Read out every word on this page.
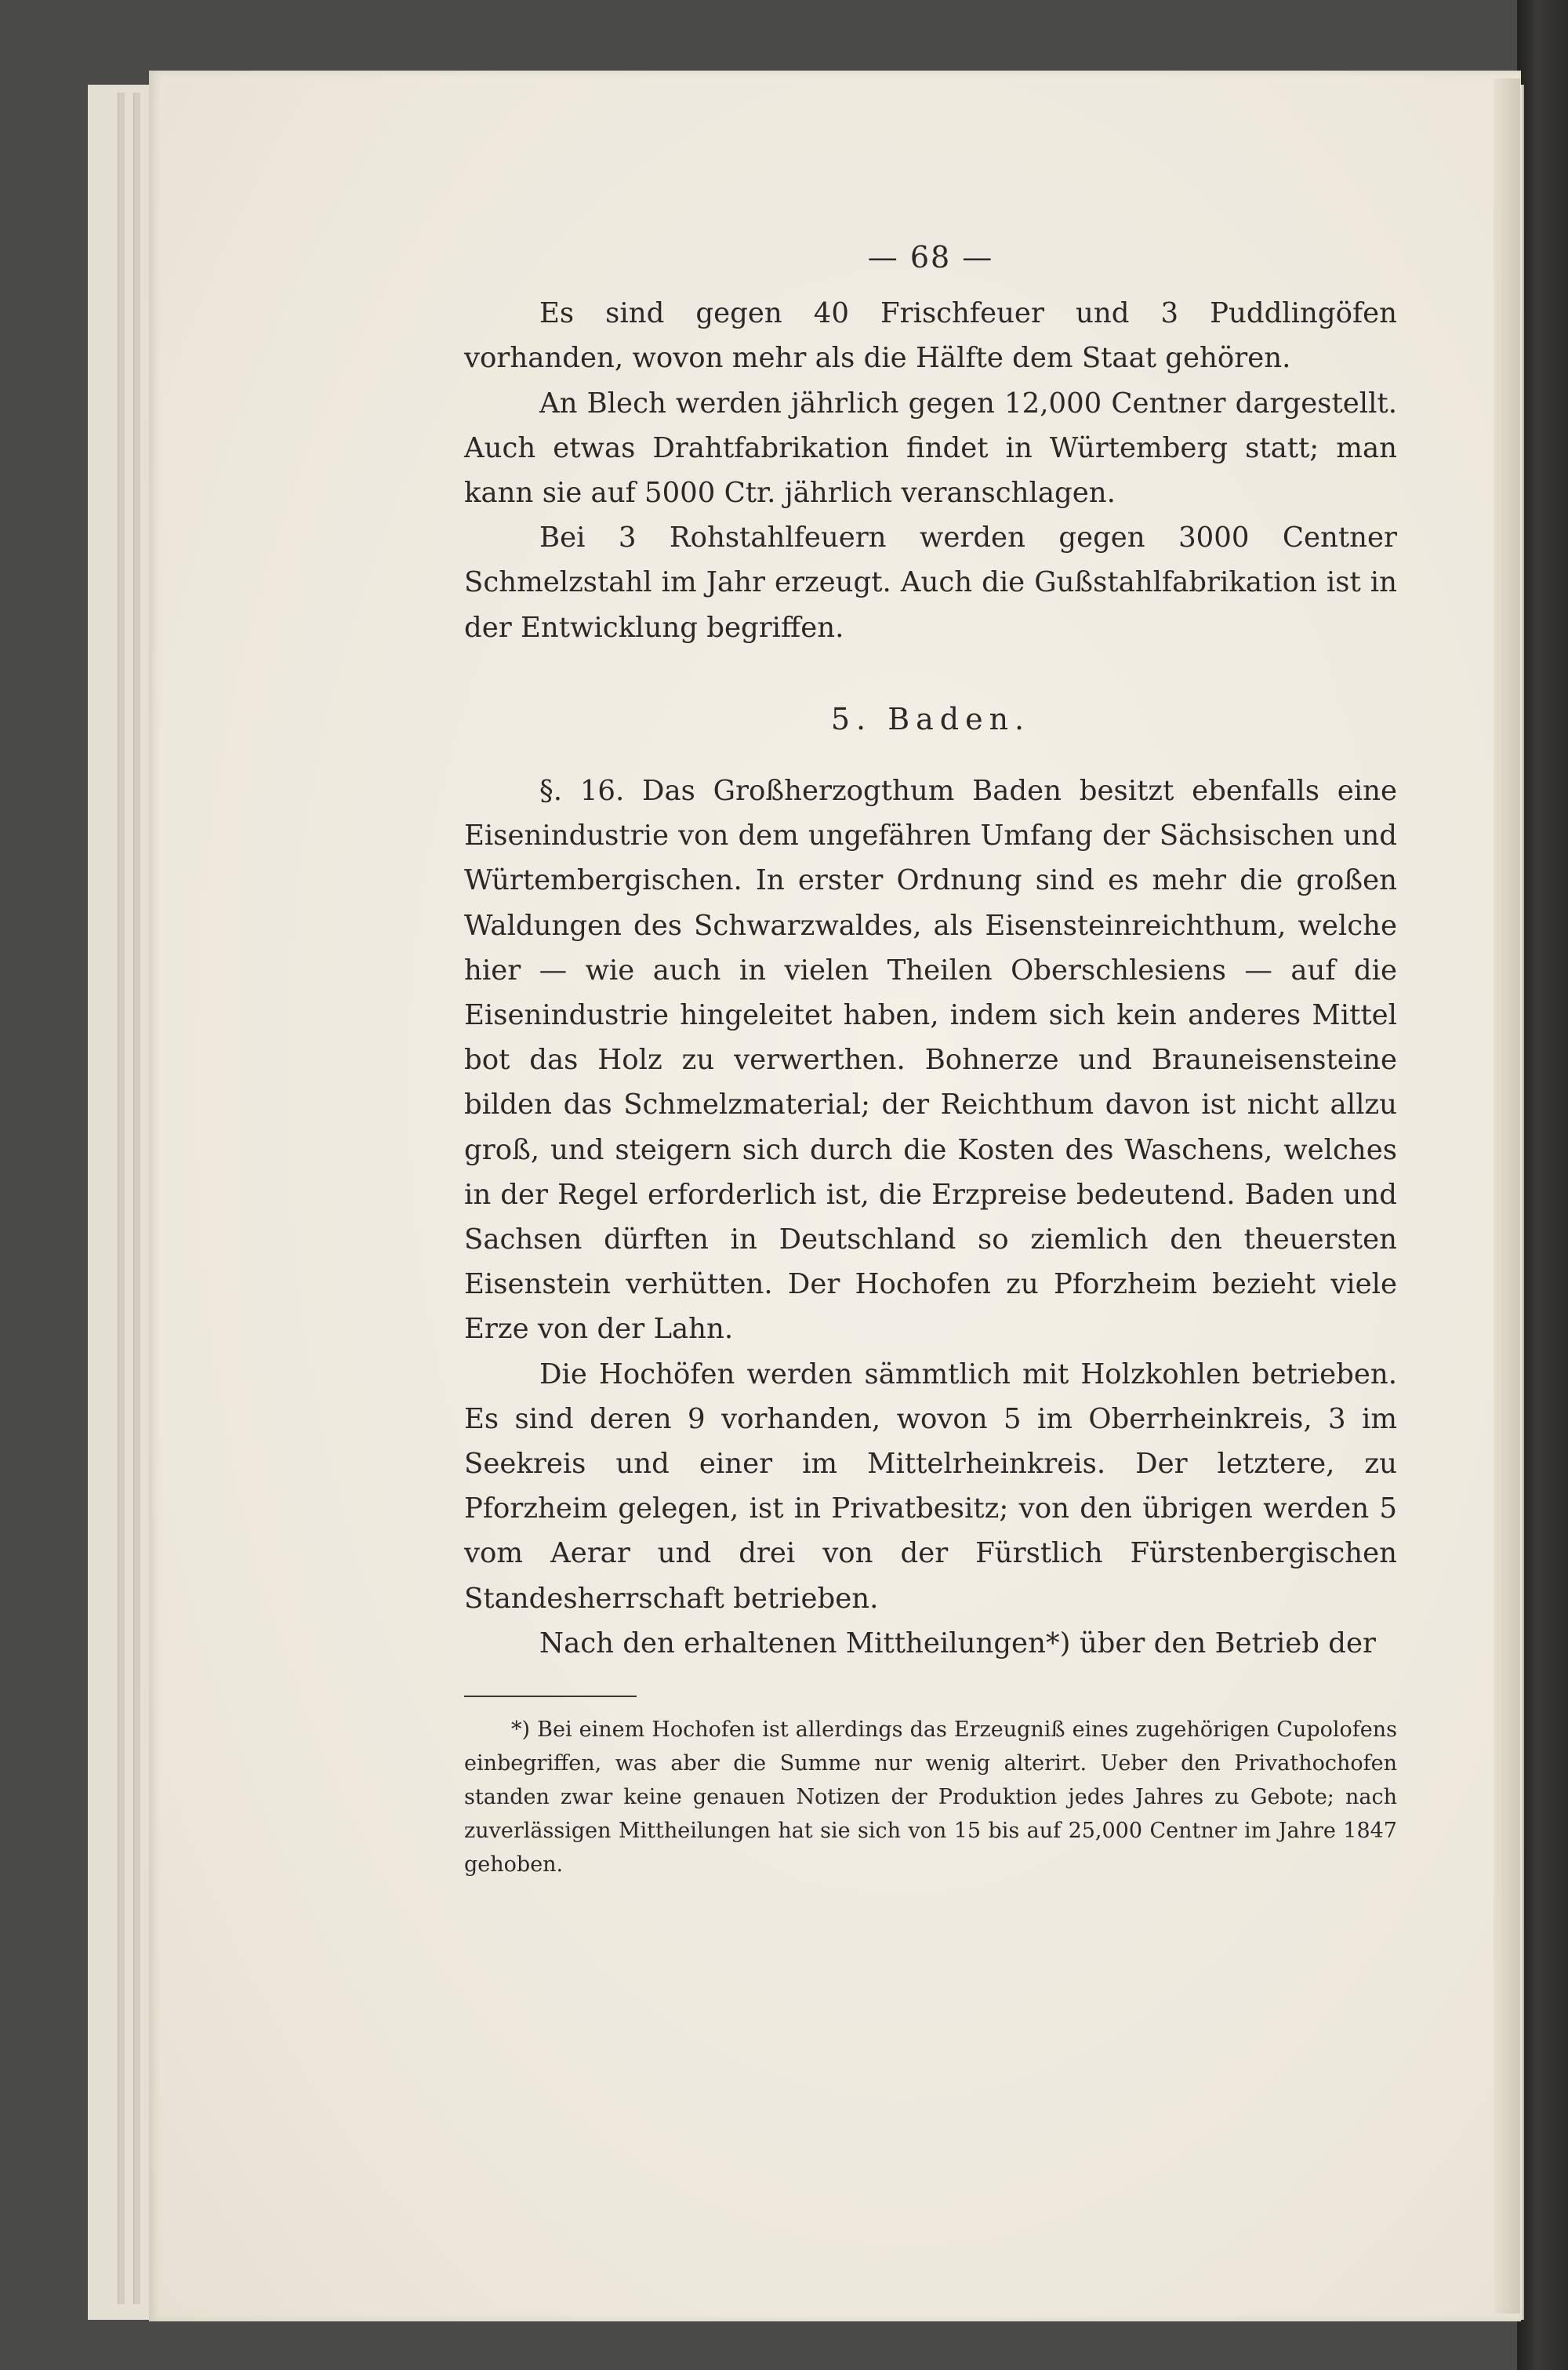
— 68 —

Es sind gegen 40 Frischfeuer und 3 Puddlingöfen vorhanden, wovon mehr als die Hälfte dem Staat gehören.

An Blech werden jährlich gegen 12,000 Centner dargestellt. Auch etwas Drahtfabrikation findet in Würtemberg statt; man kann sie auf 5000 Ctr. jährlich veranschlagen.

Bei 3 Rohstahlfeuern werden gegen 3000 Centner Schmelzstahl im Jahr erzeugt. Auch die Gußstahlfabrikation ist in der Entwicklung begriffen.

5. Baden.

§. 16. Das Großherzogthum Baden besitzt ebenfalls eine Eisenindustrie von dem ungefähren Umfang der Sächsischen und Würtembergischen. In erster Ordnung sind es mehr die großen Waldungen des Schwarzwaldes, als Eisensteinreichthum, welche hier — wie auch in vielen Theilen Oberschlesiens — auf die Eisenindustrie hingeleitet haben, indem sich kein anderes Mittel bot das Holz zu verwerthen. Bohnerze und Brauneisensteine bilden das Schmelzmaterial; der Reichthum davon ist nicht allzu groß, und steigern sich durch die Kosten des Waschens, welches in der Regel erforderlich ist, die Erzpreise bedeutend. Baden und Sachsen dürften in Deutschland so ziemlich den theuersten Eisenstein verhütten. Der Hochofen zu Pforzheim bezieht viele Erze von der Lahn.

Die Hochöfen werden sämmtlich mit Holzkohlen betrieben. Es sind deren 9 vorhanden, wovon 5 im Oberrheinkreis, 3 im Seekreis und einer im Mittelrheinkreis. Der letztere, zu Pforzheim gelegen, ist in Privatbesitz; von den übrigen werden 5 vom Aerar und drei von der Fürstlich Fürstenbergischen Standesherrschaft betrieben.

Nach den erhaltenen Mittheilungen*) über den Betrieb der

*) Bei einem Hochofen ist allerdings das Erzeugniß eines zugehörigen Cupolofens einbegriffen, was aber die Summe nur wenig alterirt. Ueber den Privathochofen standen zwar keine genauen Notizen der Produktion jedes Jahres zu Gebote; nach zuverlässigen Mittheilungen hat sie sich von 15 bis auf 25,000 Centner im Jahre 1847 gehoben.
